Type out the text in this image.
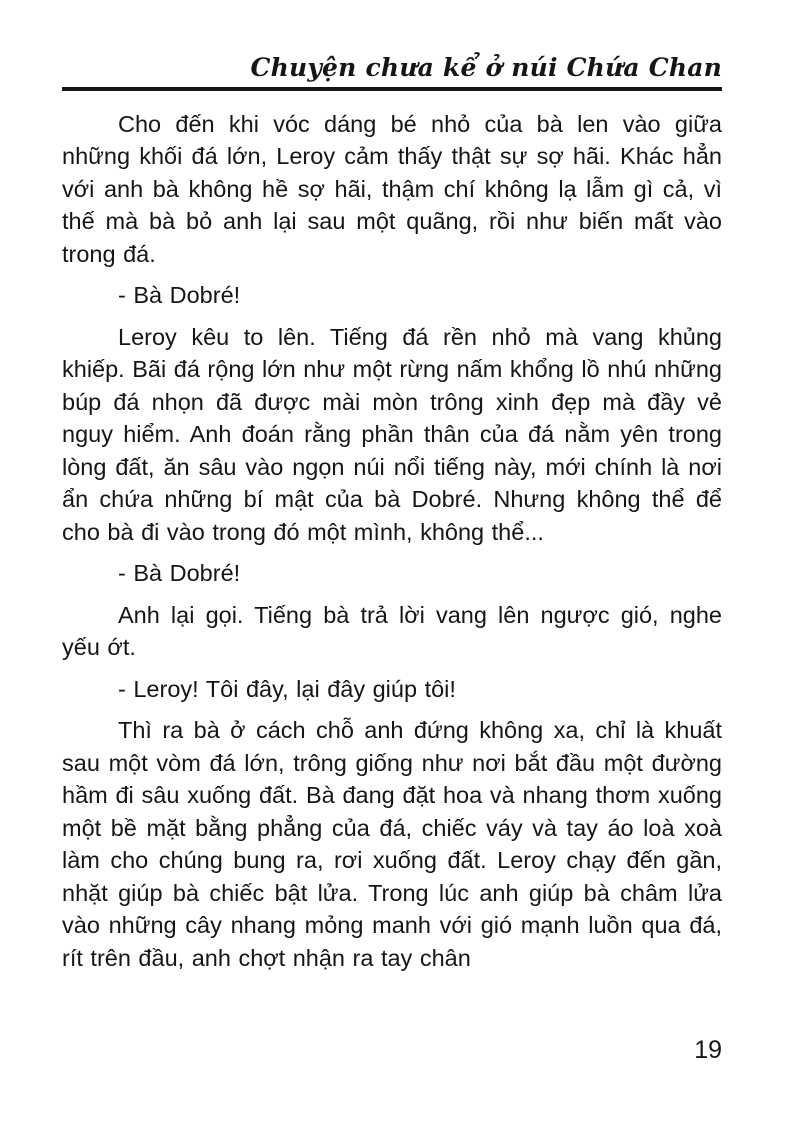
Chuyện chưa kể ở núi Chứa Chan

Cho đến khi vóc dáng bé nhỏ của bà len vào giữa những khối đá lớn, Leroy cảm thấy thật sự sợ hãi. Khác hẳn với anh bà không hề sợ hãi, thậm chí không lạ lẫm gì cả, vì thế mà bà bỏ anh lại sau một quãng, rồi như biến mất vào trong đá.

- Bà Dobré!

Leroy kêu to lên. Tiếng đá rền nhỏ mà vang khủng khiếp. Bãi đá rộng lớn như một rừng nấm khổng lồ nhú những búp đá nhọn đã được mài mòn trông xinh đẹp mà đầy vẻ nguy hiểm. Anh đoán rằng phần thân của đá nằm yên trong lòng đất, ăn sâu vào ngọn núi nổi tiếng này, mới chính là nơi ẩn chứa những bí mật của bà Dobré. Nhưng không thể để cho bà đi vào trong đó một mình, không thể...

- Bà Dobré!

Anh lại gọi. Tiếng bà trả lời vang lên ngược gió, nghe yếu ớt.

- Leroy! Tôi đây, lại đây giúp tôi!

Thì ra bà ở cách chỗ anh đứng không xa, chỉ là khuất sau một vòm đá lớn, trông giống như nơi bắt đầu một đường hầm đi sâu xuống đất. Bà đang đặt hoa và nhang thơm xuống một bề mặt bằng phẳng của đá, chiếc váy và tay áo loà xoà làm cho chúng bung ra, rơi xuống đất. Leroy chạy đến gần, nhặt giúp bà chiếc bật lửa. Trong lúc anh giúp bà châm lửa vào những cây nhang mỏng manh với gió mạnh luồn qua đá, rít trên đầu, anh chợt nhận ra tay chân

19
